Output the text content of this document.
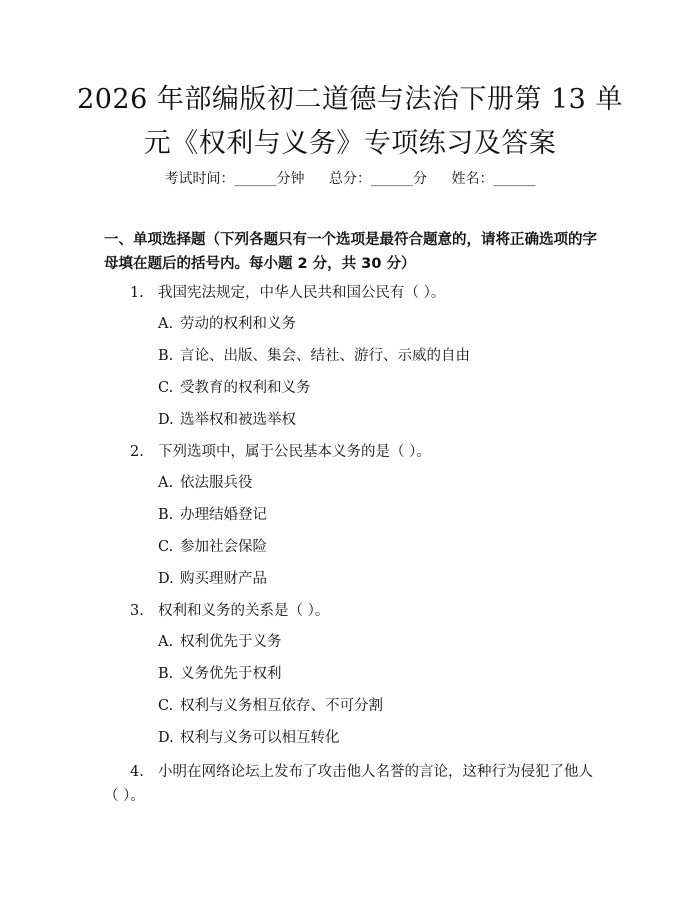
2026 年部编版初二道德与法治下册第 13 单
元《权利与义务》专项练习及答案
考试时间：______分钟 总分：______分 姓名：______

一、单项选择题（下列各题只有一个选项是最符合题意的，请将正确选项的字母填在题后的括号内。每小题 2 分，共 30 分）

1. 我国宪法规定，中华人民共和国公民有（ ）。
A. 劳动的权利和义务
B. 言论、出版、集会、结社、游行、示威的自由
C. 受教育的权利和义务
D. 选举权和被选举权
2. 下列选项中，属于公民基本义务的是（ ）。
A. 依法服兵役
B. 办理结婚登记
C. 参加社会保险
D. 购买理财产品
3. 权利和义务的关系是（ ）。
A. 权利优先于义务
B. 义务优先于权利
C. 权利与义务相互依存、不可分割
D. 权利与义务可以相互转化
4. 小明在网络论坛上发布了攻击他人名誉的言论，这种行为侵犯了他人（ ）。
